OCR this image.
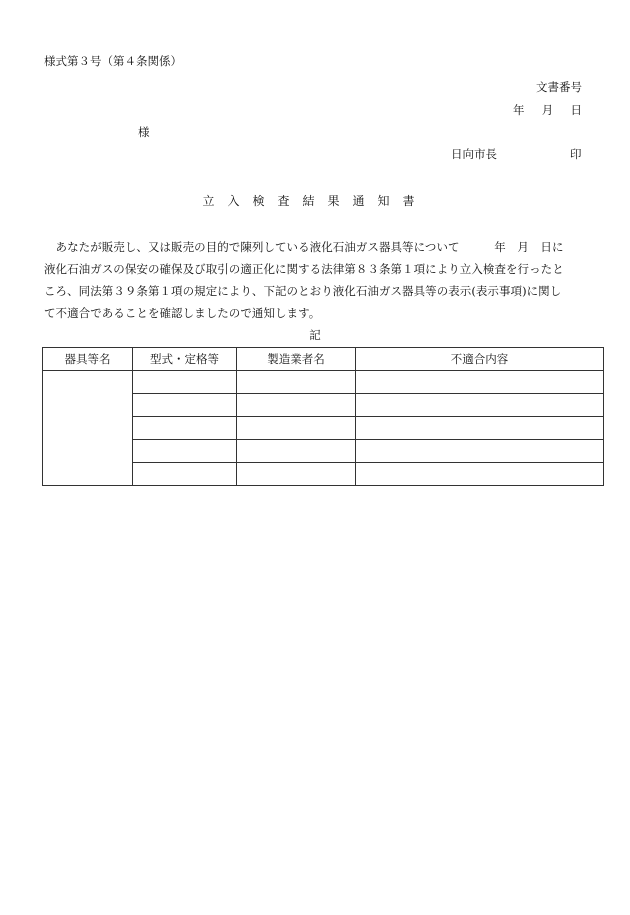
様式第３号（第４条関係）
文書番号
年　  月　  日
様
日向市長	印
立入検査結果通知書
　あなたが販売し、又は販売の目的で陳列している液化石油ガス器具等について　　　年　月　日に
液化石油ガスの保安の確保及び取引の適正化に関する法律第８３条第１項により立入検査を行ったと
ころ、同法第３９条第１項の規定により、下記のとおり液化石油ガス器具等の表示(表示事項)に関し
て不適合であることを確認しましたので通知します。
記
器具等名	型式・定格等	製造業者名	不適合内容
